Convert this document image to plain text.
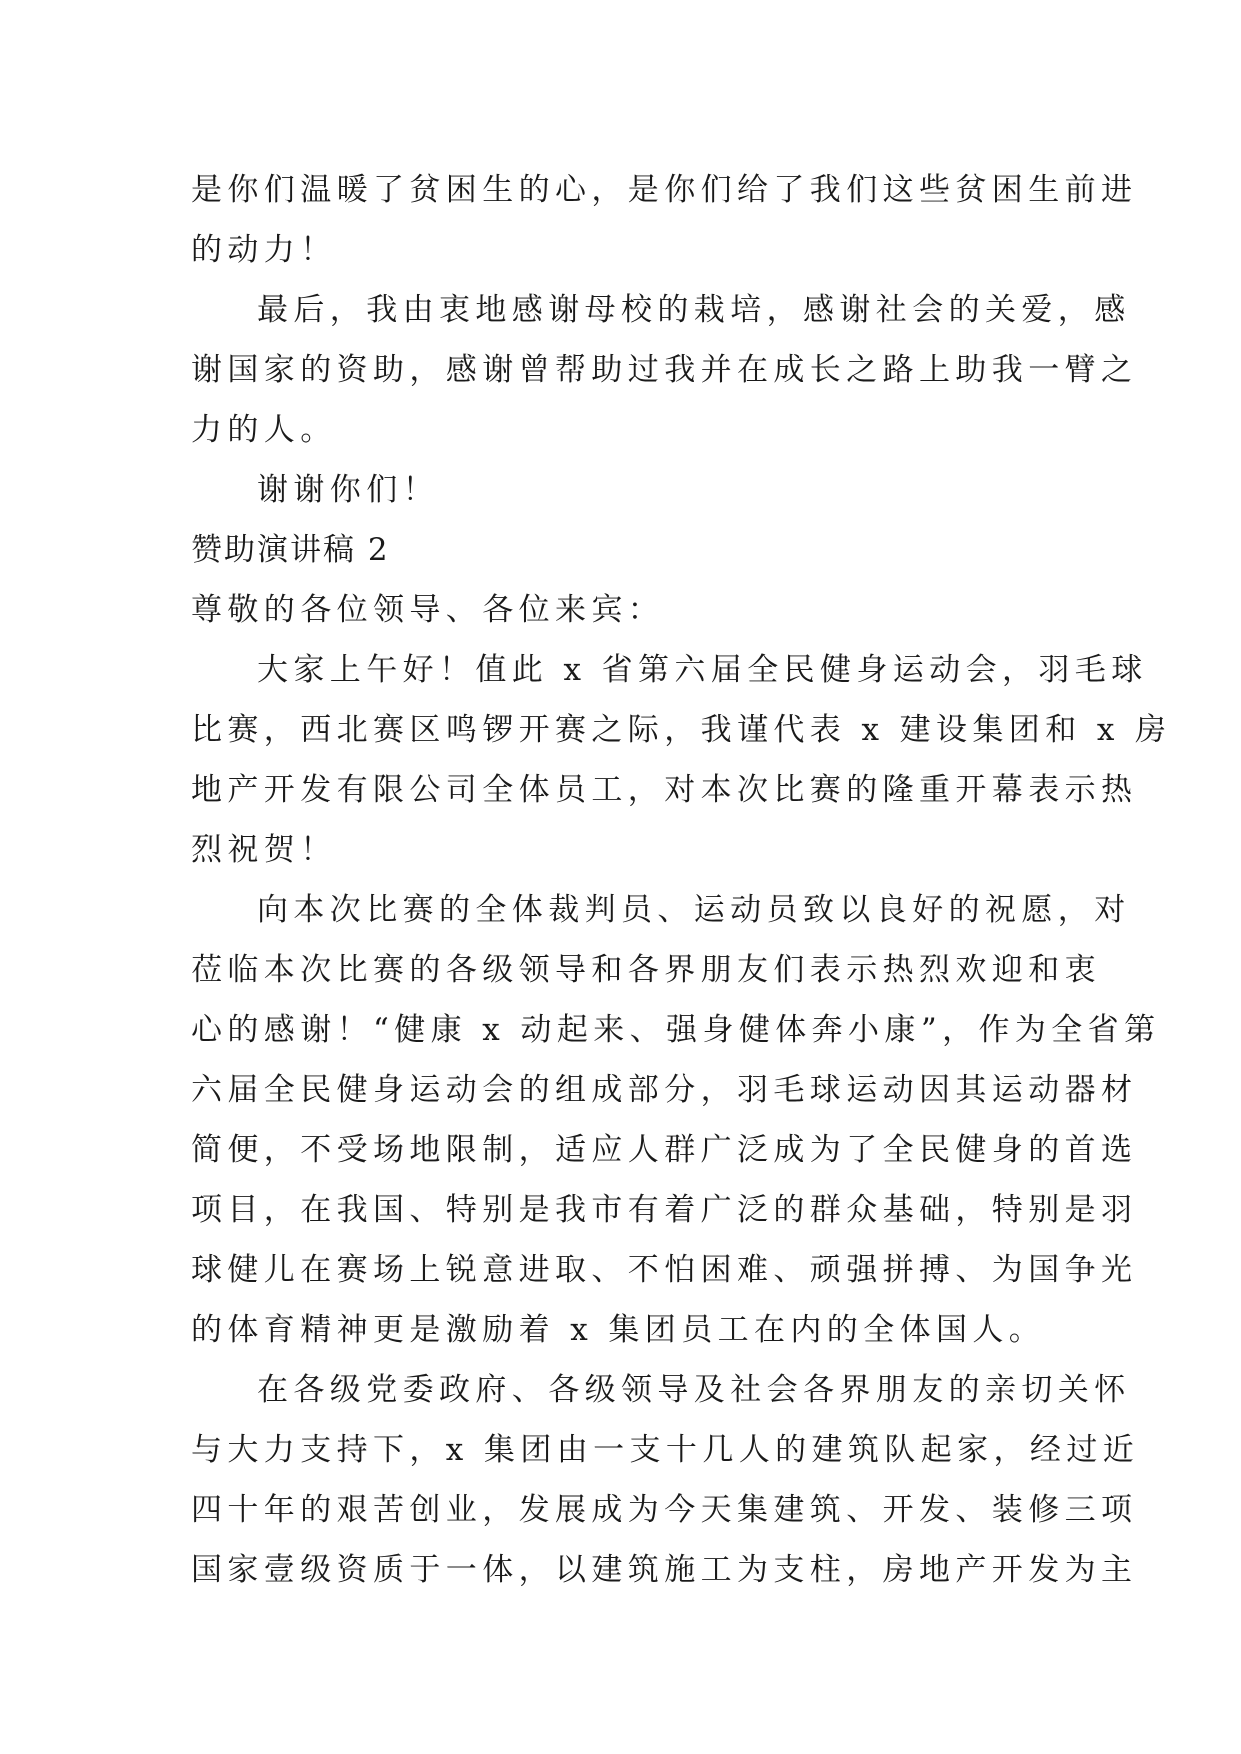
是你们温暖了贫困生的心，是你们给了我们这些贫困生前进
的动力！
最后，我由衷地感谢母校的栽培，感谢社会的关爱，感
谢国家的资助，感谢曾帮助过我并在成长之路上助我一臂之
力的人。
谢谢你们！
赞助演讲稿 2
尊敬的各位领导、各位来宾：
大家上午好！值此 x 省第六届全民健身运动会，羽毛球
比赛，西北赛区鸣锣开赛之际，我谨代表 x 建设集团和 x 房
地产开发有限公司全体员工，对本次比赛的隆重开幕表示热
烈祝贺！
向本次比赛的全体裁判员、运动员致以良好的祝愿，对
莅临本次比赛的各级领导和各界朋友们表示热烈欢迎和衷
心的感谢！“健康 x 动起来、强身健体奔小康”，作为全省第
六届全民健身运动会的组成部分，羽毛球运动因其运动器材
简便，不受场地限制，适应人群广泛成为了全民健身的首选
项目，在我国、特别是我市有着广泛的群众基础，特别是羽
球健儿在赛场上锐意进取、不怕困难、顽强拼搏、为国争光
的体育精神更是激励着 x 集团员工在内的全体国人。
在各级党委政府、各级领导及社会各界朋友的亲切关怀
与大力支持下，x 集团由一支十几人的建筑队起家，经过近
四十年的艰苦创业，发展成为今天集建筑、开发、装修三项
国家壹级资质于一体，以建筑施工为支柱，房地产开发为主
